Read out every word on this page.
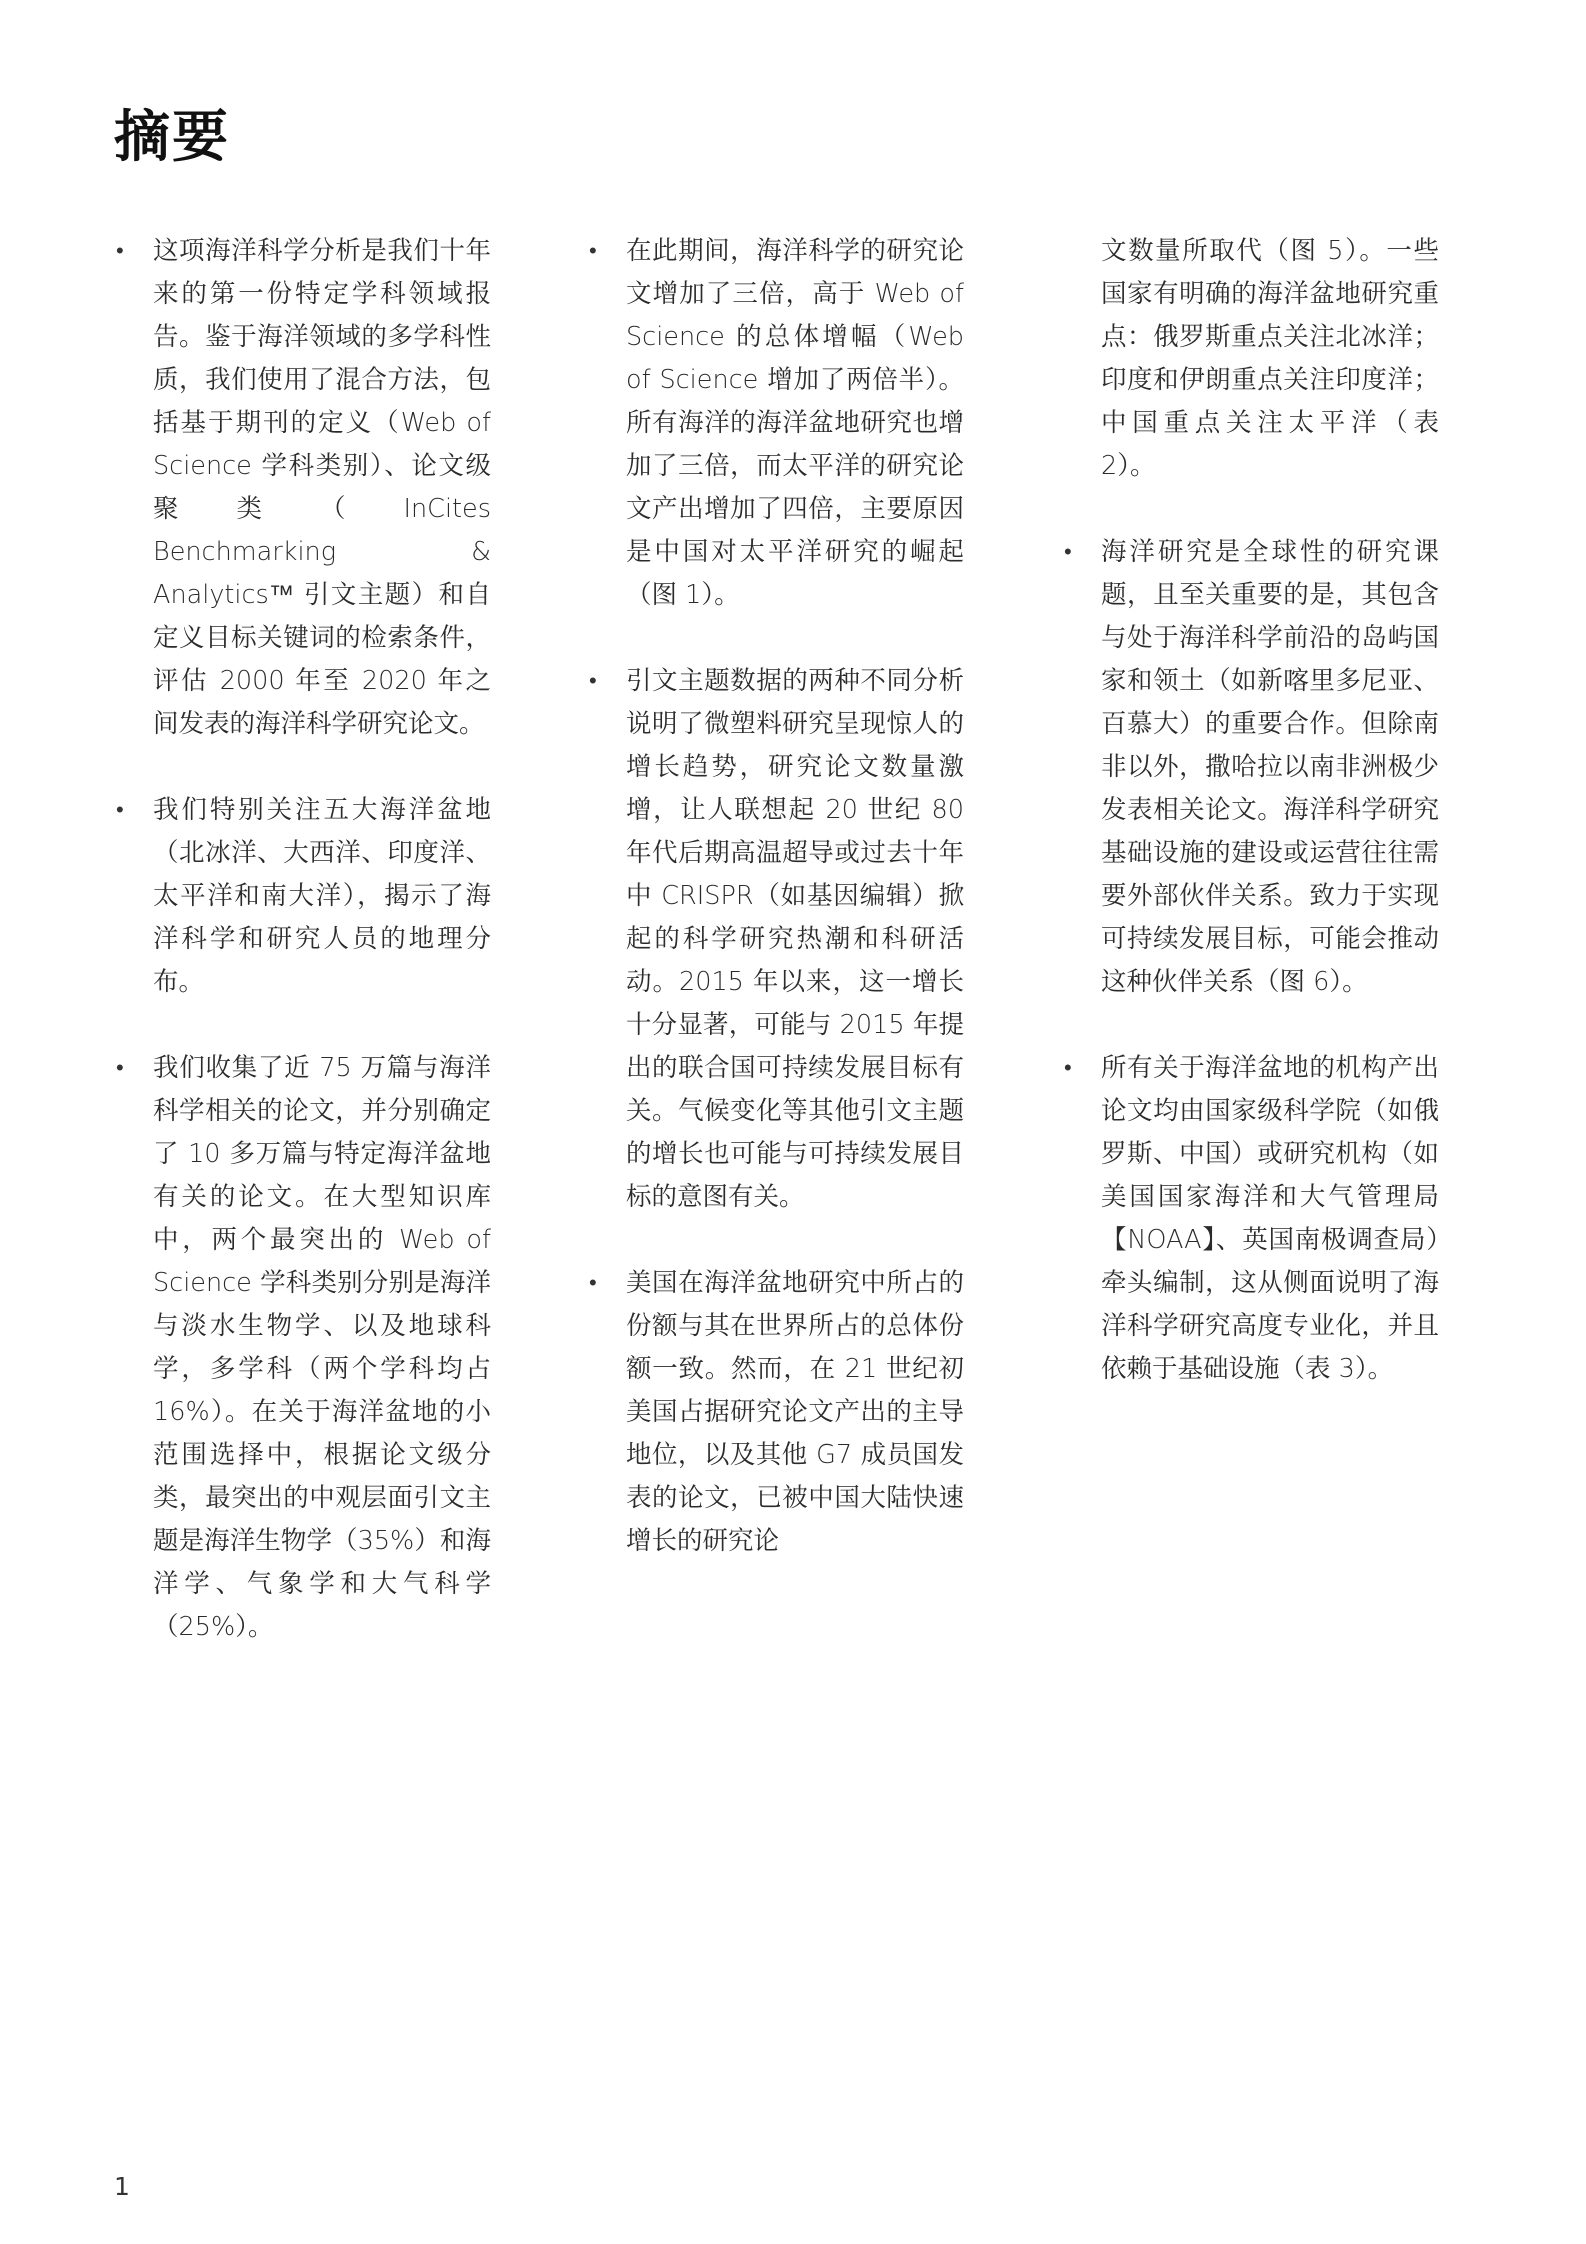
摘要
• 这项海洋科学分析是我们十年来的第一份特定学科领域报告。鉴于海洋领域的多学科性质，我们使用了混合方法，包括基于期刊的定义（Web of Science 学科类别）、论文级聚类（InCites Benchmarking & Analytics™ 引文主题）和自定义目标关键词的检索条件，评估 2000 年至 2020 年之间发表的海洋科学研究论文。
• 我们特别关注五大海洋盆地（北冰洋、大西洋、印度洋、太平洋和南大洋），揭示了海洋科学和研究人员的地理分布。
• 我们收集了近 75 万篇与海洋科学相关的论文，并分别确定了 10 多万篇与特定海洋盆地有关的论文。在大型知识库中，两个最突出的 Web of Science 学科类别分别是海洋与淡水生物学、以及地球科学，多学科（两个学科均占 16%）。在关于海洋盆地的小范围选择中，根据论文级分类，最突出的中观层面引文主题是海洋生物学（35%）和海洋学、气象学和大气科学（25%）。
• 在此期间，海洋科学的研究论文增加了三倍，高于 Web of Science 的总体增幅（Web of Science 增加了两倍半）。所有海洋的海洋盆地研究也增加了三倍，而太平洋的研究论文产出增加了四倍，主要原因是中国对太平洋研究的崛起（图 1）。
• 引文主题数据的两种不同分析说明了微塑料研究呈现惊人的增长趋势，研究论文数量激增，让人联想起 20 世纪 80 年代后期高温超导或过去十年中 CRISPR（如基因编辑）掀起的科学研究热潮和科研活动。2015 年以来，这一增长十分显著，可能与 2015 年提出的联合国可持续发展目标有关。气候变化等其他引文主题的增长也可能与可持续发展目标的意图有关。
• 美国在海洋盆地研究中所占的份额与其在世界所占的总体份额一致。然而，在 21 世纪初美国占据研究论文产出的主导地位，以及其他 G7 成员国发表的论文，已被中国大陆快速增长的研究论
文数量所取代（图 5）。一些国家有明确的海洋盆地研究重点：俄罗斯重点关注北冰洋；印度和伊朗重点关注印度洋；中国重点关注太平洋（表 2）。
• 海洋研究是全球性的研究课题，且至关重要的是，其包含与处于海洋科学前沿的岛屿国家和领土（如新喀里多尼亚、百慕大）的重要合作。但除南非以外，撒哈拉以南非洲极少发表相关论文。海洋科学研究基础设施的建设或运营往往需要外部伙伴关系。致力于实现可持续发展目标，可能会推动这种伙伴关系（图 6）。
• 所有关于海洋盆地的机构产出论文均由国家级科学院（如俄罗斯、中国）或研究机构（如美国国家海洋和大气管理局【NOAA】、英国南极调查局）牵头编制，这从侧面说明了海洋科学研究高度专业化，并且依赖于基础设施（表 3）。
1
